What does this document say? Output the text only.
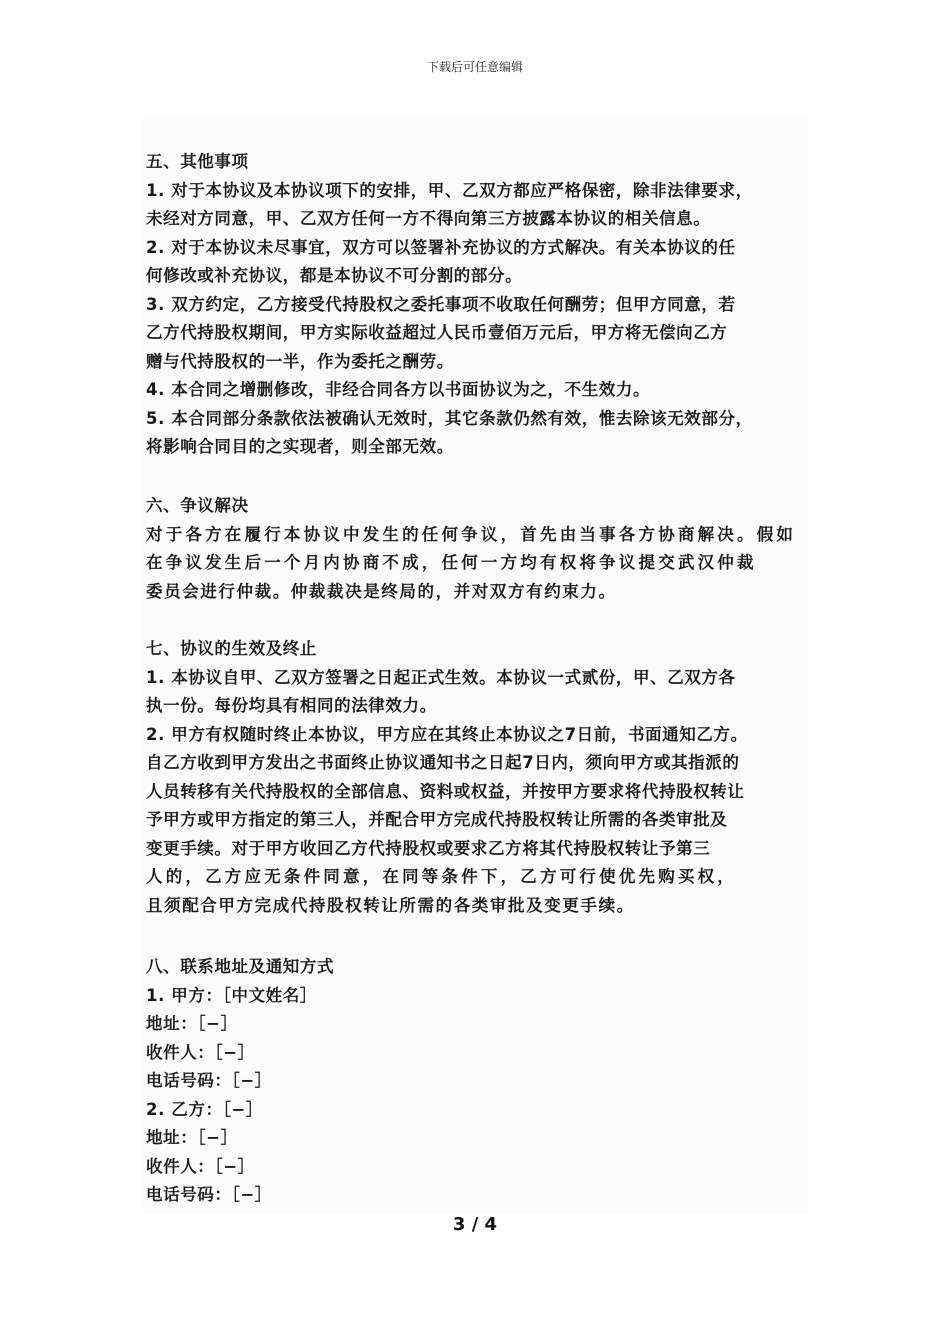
下载后可任意编辑
五、其他事项
1. 对于本协议及本协议项下的安排，甲、乙双方都应严格保密，除非法律要求，
未经对方同意，甲、乙双方任何一方不得向第三方披露本协议的相关信息。
2. 对于本协议未尽事宜，双方可以签署补充协议的方式解决。有关本协议的任
何修改或补充协议，都是本协议不可分割的部分。
3. 双方约定，乙方接受代持股权之委托事项不收取任何酬劳；但甲方同意，若
乙方代持股权期间，甲方实际收益超过人民币壹佰万元后，甲方将无偿向乙方
赠与代持股权的一半，作为委托之酬劳。
4. 本合同之增删修改，非经合同各方以书面协议为之，不生效力。
5. 本合同部分条款依法被确认无效时，其它条款仍然有效，惟去除该无效部分，
将影响合同目的之实现者，则全部无效。
六、争议解决
对于各方在履行本协议中发生的任何争议，首先由当事各方协商解决。假如
在争议发生后一个月内协商不成，任何一方均有权将争议提交武汉仲裁
委员会进行仲裁。仲裁裁决是终局的，并对双方有约束力。
七、协议的生效及终止
1. 本协议自甲、乙双方签署之日起正式生效。本协议一式贰份，甲、乙双方各
执一份。每份均具有相同的法律效力。
2. 甲方有权随时终止本协议，甲方应在其终止本协议之7日前，书面通知乙方。
自乙方收到甲方发出之书面终止协议通知书之日起7日内，须向甲方或其指派的
人员转移有关代持股权的全部信息、资料或权益，并按甲方要求将代持股权转让
予甲方或甲方指定的第三人，并配合甲方完成代持股权转让所需的各类审批及
变更手续。对于甲方收回乙方代持股权或要求乙方将其代持股权转让予第三
人的，乙方应无条件同意，在同等条件下，乙方可行使优先购买权，
且须配合甲方完成代持股权转让所需的各类审批及变更手续。
八、联系地址及通知方式
1. 甲方：［中文姓名］
地址：［−］
收件人：［−］
电话号码：［−］
2. 乙方：［−］
地址：［−］
收件人：［−］
电话号码：［−］
3 / 4
